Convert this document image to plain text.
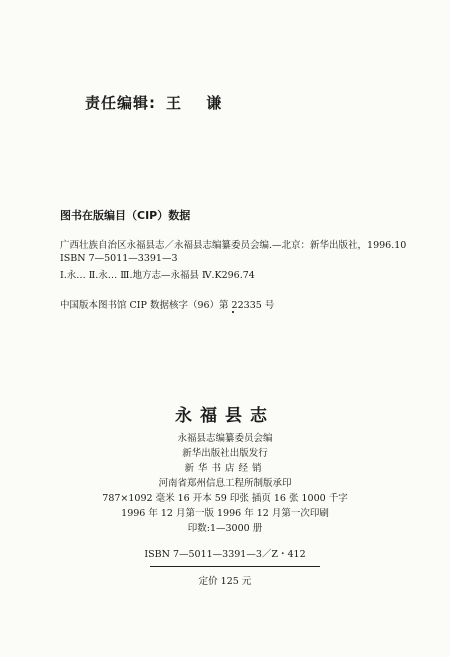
责任编辑: 王 谦
图书在版编目（CIP）数据
广西壮族自治区永福县志／永福县志编纂委员会编.—北京：新华出版社，1996.10
ISBN 7—5011—3391—3
Ⅰ.永… Ⅱ.永… Ⅲ.地方志—永福县 Ⅳ.K296.74
中国版本图书馆 CIP 数据核字（96）第 22335 号
永福县志
永福县志编纂委员会编
新华出版社出版发行
新华书店经销
河南省郑州信息工程所制版承印
787×1092 毫米 16 开本 59 印张 插页 16 张 1000 千字
1996 年 12 月第一版 1996 年 12 月第一次印刷
印数:1—3000 册
ISBN 7—5011—3391—3／Z・412
定价 125 元
